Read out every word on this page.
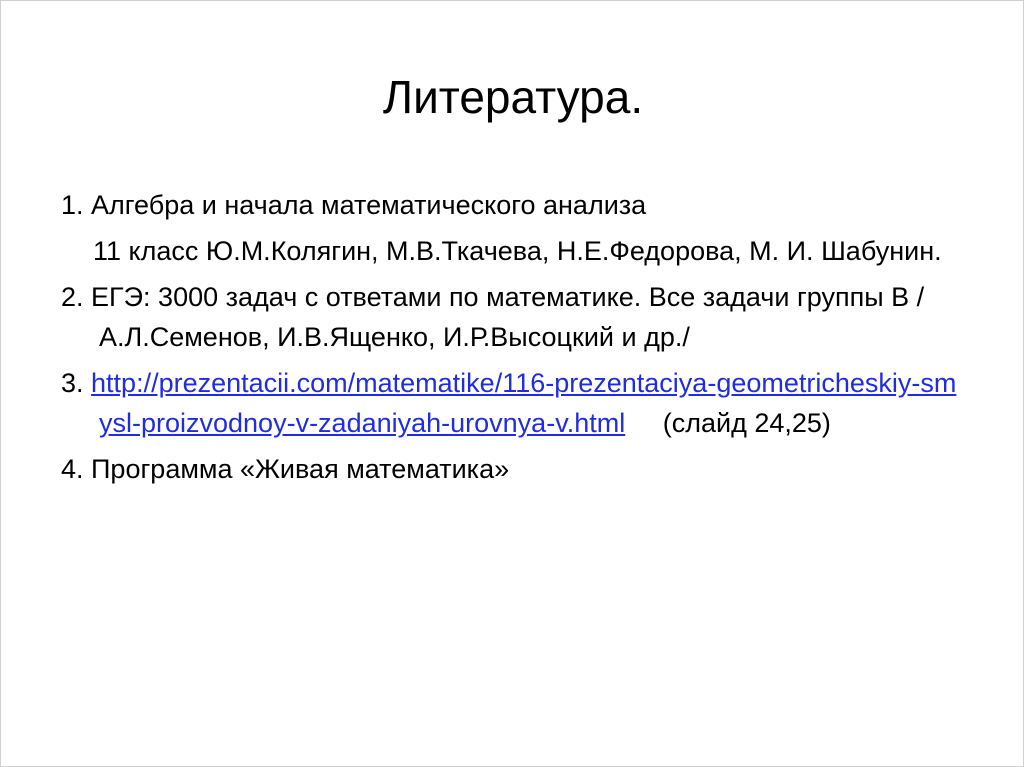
Литература.
1. Алгебра и начала математического анализа
11 класс Ю.М.Колягин, М.В.Ткачева, Н.Е.Федорова, М. И. Шабунин.
2. ЕГЭ: 3000 задач с ответами по математике. Все задачи группы В /А.Л.Семенов, И.В.Ященко, И.Р.Высоцкий и др./
3. http://prezentacii.com/matematike/116-prezentaciya-geometricheskiy-smysl-proizvodnoy-v-zadaniyah-urovnya-v.html (слайд 24,25)
4. Программа «Живая математика»
